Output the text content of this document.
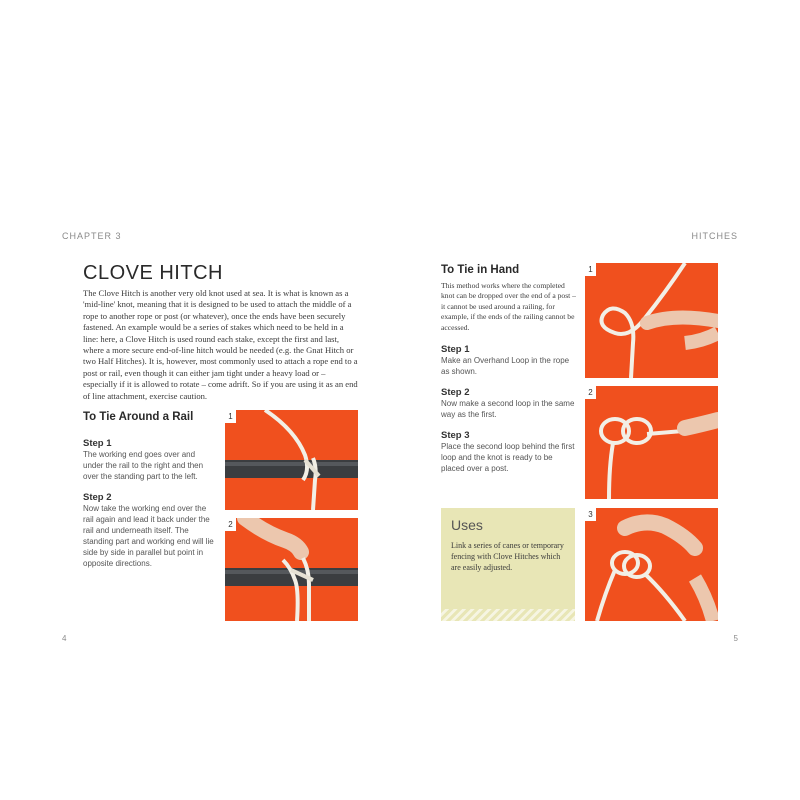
CHAPTER 3	HITCHES
CLOVE HITCH
The Clove Hitch is another very old knot used at sea. It is what is known as a 'mid-line' knot, meaning that it is designed to be used to attach the middle of a rope to another rope or post (or whatever), once the ends have been securely fastened. An example would be a series of stakes which need to be held in a line: here, a Clove Hitch is used round each stake, except the first and last, where a more secure end-of-line hitch would be needed (e.g. the Gnat Hitch or two Half Hitches). It is, however, most commonly used to attach a rope end to a post or rail, even though it can either jam tight under a heavy load or – especially if it is allowed to rotate – come adrift. So if you are using it as an end of line attachment, exercise caution.
To Tie Around a Rail
Step 1
The working end goes over and under the rail to the right and then over the standing part to the left.
Step 2
Now take the working end over the rail again and lead it back under the rail and underneath itself. The standing part and working end will lie side by side in parallel but point in opposite directions.
1
2
4
To Tie in Hand
This method works where the completed knot can be dropped over the end of a post – it cannot be used around a railing, for example, if the ends of the railing cannot be accessed.
Step 1
Make an Overhand Loop in the rope as shown.
Step 2
Now make a second loop in the same way as the first.
Step 3
Place the second loop behind the first loop and the knot is ready to be placed over a post.
Uses
Link a series of canes or temporary fencing with Clove Hitches which are easily adjusted.
1
2
3
5
